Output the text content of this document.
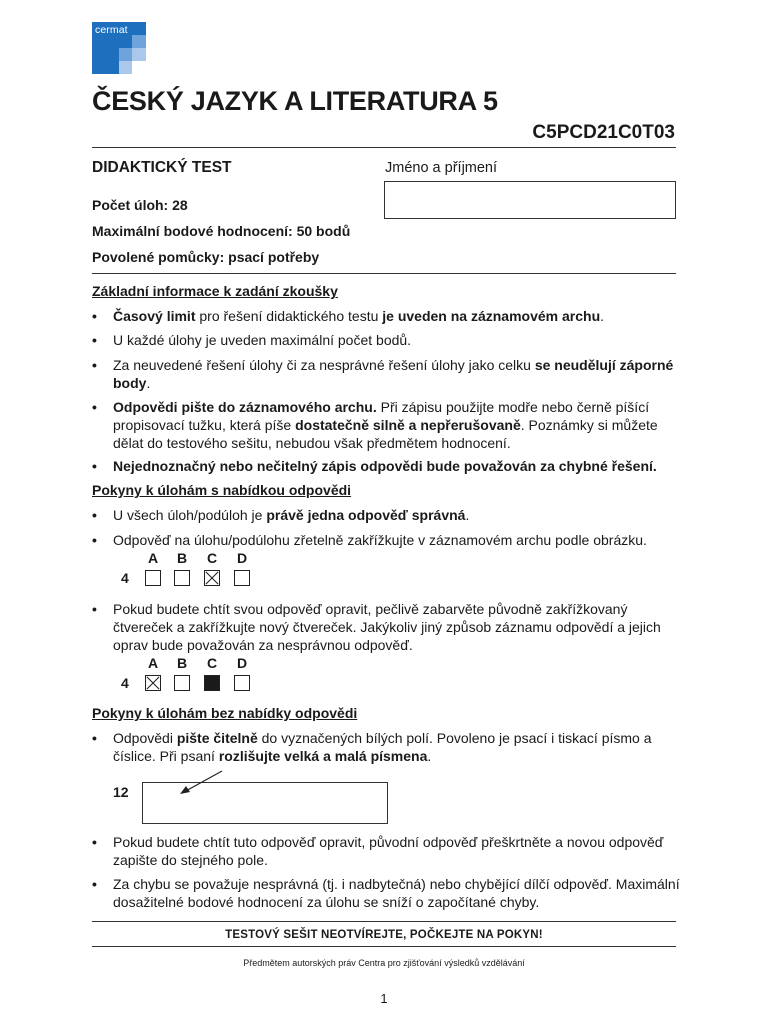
cermat
ČESKÝ JAZYK A LITERATURA 5
C5PCD21C0T03
DIDAKTICKÝ TEST	Jméno a příjmení
Počet úloh: 28
Maximální bodové hodnocení: 50 bodů
Povolené pomůcky: psací potřeby
Základní informace k zadání zkoušky
•	Časový limit pro řešení didaktického testu je uveden na záznamovém archu.
•	U každé úlohy je uveden maximální počet bodů.
•	Za neuvedené řešení úlohy či za nesprávné řešení úlohy jako celku se neudělují záporné body.
•	Odpovědi pište do záznamového archu. Při zápisu použijte modře nebo černě píšící propisovací tužku, která píše dostatečně silně a nepřerušovaně. Poznámky si můžete dělat do testového sešitu, nebudou však předmětem hodnocení.
•	Nejednoznačný nebo nečitelný zápis odpovědi bude považován za chybné řešení.
Pokyny k úlohám s nabídkou odpovědi
•	U všech úloh/podúloh je právě jedna odpověď správná.
•	Odpověď na úlohu/podúlohu zřetelně zakřížkujte v záznamovém archu podle obrázku.
A	B	C	D
4
•	Pokud budete chtít svou odpověď opravit, pečlivě zabarvěte původně zakřížkovaný čtvereček a zakřížkujte nový čtvereček. Jakýkoliv jiný způsob záznamu odpovědí a jejich oprav bude považován za nesprávnou odpověď.
A	B	C	D
4
Pokyny k úlohám bez nabídky odpovědi
•	Odpovědi pište čitelně do vyznačených bílých polí. Povoleno je psací i tiskací písmo a číslice. Při psaní rozlišujte velká a malá písmena.
12
•	Pokud budete chtít tuto odpověď opravit, původní odpověď přeškrtněte a novou odpověď zapište do stejného pole.
•	Za chybu se považuje nesprávná (tj. i nadbytečná) nebo chybějící dílčí odpověď. Maximální dosažitelné bodové hodnocení za úlohu se sníží o započítané chyby.
TESTOVÝ SEŠIT NEOTVÍREJTE, POČKEJTE NA POKYN!
Předmětem autorských práv Centra pro zjišťování výsledků vzdělávání
1
